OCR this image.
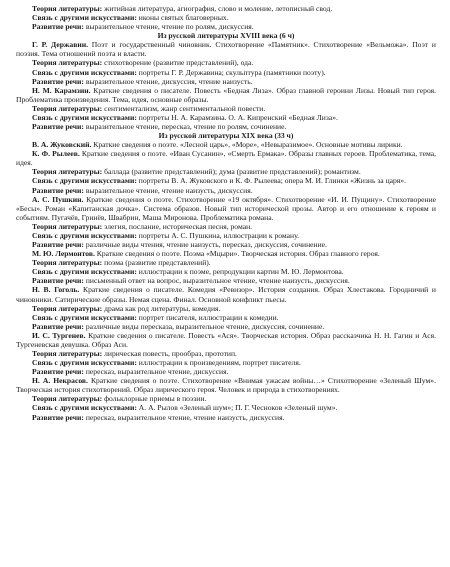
Теория литературы: житийная литература, агиография, слово и моление, летописный свод.

Связь с другими искусствами: иконы святых благоверных.

Развитие речи: выразительное чтение, чтение по ролям, дискуссия.

Из русской литературы XVIII века (6 ч)

Г. Р. Державин. Поэт и государственный чиновник. Стихотворение «Памятник». Стихотворение «Вельможа». Поэт и поэзия. Тема отношений поэта и власти.

Теория литературы: стихотворение (развитие представлений), ода.

Связь с другими искусствами: портреты Г. Р. Державина; скульптура (памятники поэту).

Развитие речи: выразительное чтение, дискуссия, чтение наизусть.

Н. М. Карамзин. Краткие сведения о писателе. Повесть «Бедная Лиза». Образ главной героини Лизы. Новый тип героя. Проблематика произведения. Тема, идея, основные образы.

Теория литературы: сентиментализм, жанр сентиментальной повести.

Связь с другими искусствами: портреты Н. А. Карамзина. О. А. Кипренский «Бедная Лиза».

Развитие речи: выразительное чтение, пересказ, чтение по ролям, сочинение.

Из русской литературы XIX века (33 ч)

В. А. Жуковский. Краткие сведения о поэте. «Лесной царь», «Море», «Невыразимое». Основные мотивы лирики.

К. Ф. Рылеев. Краткие сведения о поэте. «Иван Сусанин», «Смерть Ермака». Образы главных героев. Проблематика, тема, идея.

Теория литературы: баллада (развитие представлений); дума (развитие представлений); романтизм.

Связь с другими искусствами: портреты В. А. Жуковского и К. Ф. Рылеева; опера М. И. Глинки «Жизнь за царя».

Развитие речи: выразительное чтение, чтение наизусть, дискуссия.

А. С. Пушкин. Краткие сведения о поэте. Стихотворение «19 октября». Стихотворение «И. И. Пущину». Стихотворение «Бесы». Роман «Капитанская дочка». Система образов. Новый тип исторической прозы. Автор и его отношение к героям и событиям. Пугачёв, Гринёв, Швабрин, Маша Миронова. Проблематика романа.

Теория литературы: элегия, послание, историческая песня, роман.

Связь с другими искусствами: портреты А. С. Пушкина, иллюстрации к роману.

Развитие речи: различные виды чтения, чтение наизусть, пересказ, дискуссия, сочинение.

М. Ю. Лермонтов. Краткие сведения о поэте. Поэма «Мцыри». Творческая история. Образ главного героя.

Теория литературы: поэма (развитие представлений).

Связь с другими искусствами: иллюстрации к поэме, репродукции картин М. Ю. Лермонтова.

Развитие речи: письменный ответ на вопрос, выразительное чтение, чтение наизусть, дискуссия.

Н. В. Гоголь. Краткие сведения о писателе. Комедия «Ревизор». История создания. Образ Хлестакова. Городничий и чиновники. Сатирические образы. Немая сцена. Финал. Основной конфликт пьесы.

Теория литературы: драма как род литературы, комедия.

Связь с другими искусствами: портрет писателя, иллюстрации к комедии.

Развитие речи: различные виды пересказа, выразительное чтение, дискуссия, сочинение.

И. С. Тургенев. Краткие сведения о писателе. Повесть «Ася». Творческая история. Образ рассказчика Н. Н. Гагин и Ася. Тургеневская девушка. Образ Аси.

Теория литературы: лирическая повесть, прообраз, прототип.

Связь с другими искусствами: иллюстрации к произведениям, портрет писателя.

Развитие речи: пересказ, выразительное чтение, дискуссия.

Н. А. Некрасов. Краткие сведения о поэте. Стихотворение «Внимая ужасам войны…» Стихотворение «Зеленый Шум». Творческая история стихотворений. Образ лирического героя. Человек и природа в стихотворениях.

Теория литературы: фольклорные приемы в поэзии.

Связь с другими искусствами: А. А. Рылов «Зеленый шум»; П. Г. Чесноков «Зеленый шум».

Развитие речи: пересказ, выразительное чтение, чтение наизусть, дискуссия.
